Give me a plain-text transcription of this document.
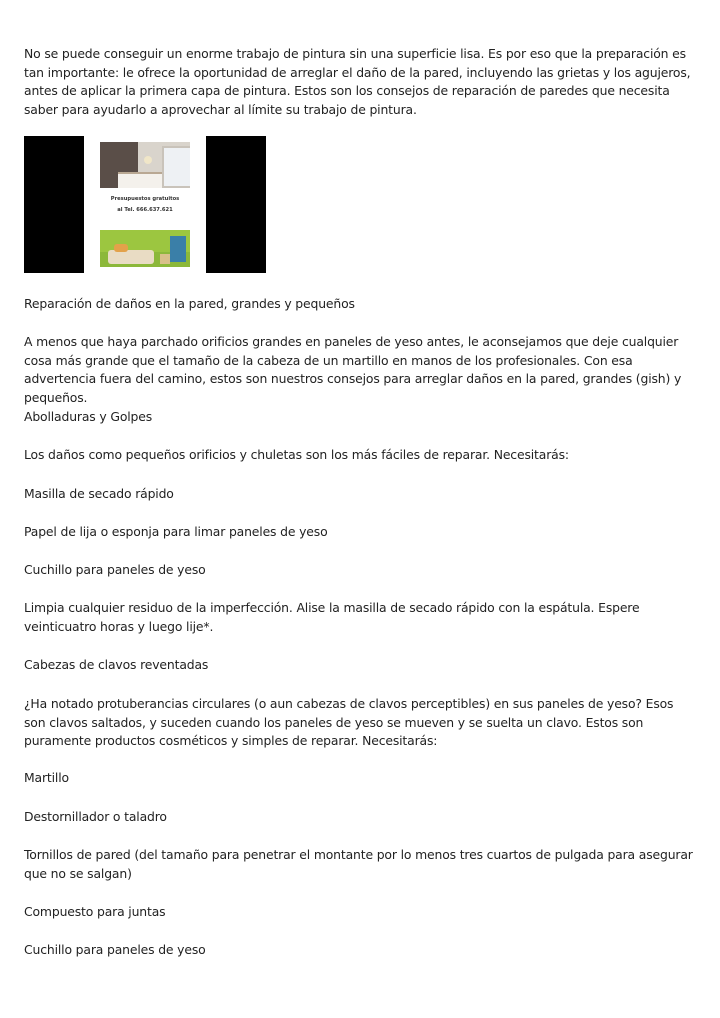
No se puede conseguir un enorme trabajo de pintura sin una superficie lisa. Es por eso que la preparación es tan importante: le ofrece la oportunidad de arreglar el daño de la pared, incluyendo las grietas y los agujeros, antes de aplicar la primera capa de pintura. Estos son los consejos de reparación de paredes que necesita saber para ayudarlo a aprovechar al límite su trabajo de pintura.

Presupuestos gratuitos
al Tel. 666.637.621

Reparación de daños en la pared, grandes y pequeños

A menos que haya parchado orificios grandes en paneles de yeso antes, le aconsejamos que deje cualquier cosa más grande que el tamaño de la cabeza de un martillo en manos de los profesionales. Con esa advertencia fuera del camino, estos son nuestros consejos para arreglar daños en la pared, grandes (gish) y pequeños.

Abolladuras y Golpes

Los daños como pequeños orificios y chuletas son los más fáciles de reparar. Necesitarás:

Masilla de secado rápido

Papel de lija o esponja para limar paneles de yeso

Cuchillo para paneles de yeso

Limpia cualquier residuo de la imperfección. Alise la masilla de secado rápido con la espátula. Espere veinticuatro horas y luego lije*.

Cabezas de clavos reventadas

¿Ha notado protuberancias circulares (o aun cabezas de clavos perceptibles) en sus paneles de yeso? Esos son clavos saltados, y suceden cuando los paneles de yeso se mueven y se suelta un clavo. Estos son puramente productos cosméticos y simples de reparar. Necesitarás:

Martillo

Destornillador o taladro

Tornillos de pared (del tamaño para penetrar el montante por lo menos tres cuartos de pulgada para asegurar que no se salgan)

Compuesto para juntas

Cuchillo para paneles de yeso
